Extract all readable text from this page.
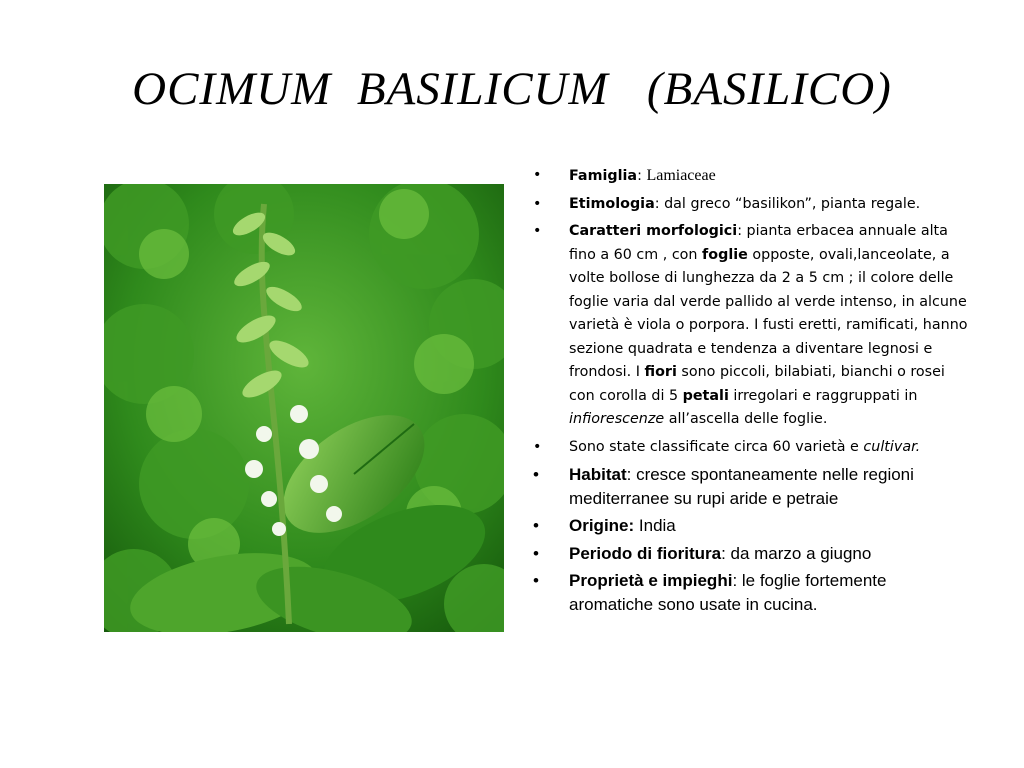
OCIMUM  BASILICUM   (BASILICO)
• Famiglia: Lamiaceae
• Etimologia: dal greco “basilikon”, pianta regale.
• Caratteri morfologici: pianta erbacea annuale alta fino a 60 cm , con foglie opposte, ovali,lanceolate, a volte bollose di lunghezza da 2 a 5 cm ; il colore delle foglie varia dal verde pallido al verde intenso, in alcune varietà è viola o porpora. I fusti eretti, ramificati, hanno sezione quadrata e tendenza a diventare legnosi e frondosi. I fiori sono piccoli, bilabiati, bianchi o rosei con corolla di 5 petali irregolari e raggruppati in infiorescenze all’ascella delle foglie.
• Sono state classificate circa 60 varietà e cultivar.
• Habitat: cresce spontaneamente nelle regioni mediterranee su rupi aride e petraie
• Origine: India
• Periodo di fioritura: da marzo a giugno
• Proprietà e impieghi: le foglie fortemente aromatiche sono usate in cucina.
